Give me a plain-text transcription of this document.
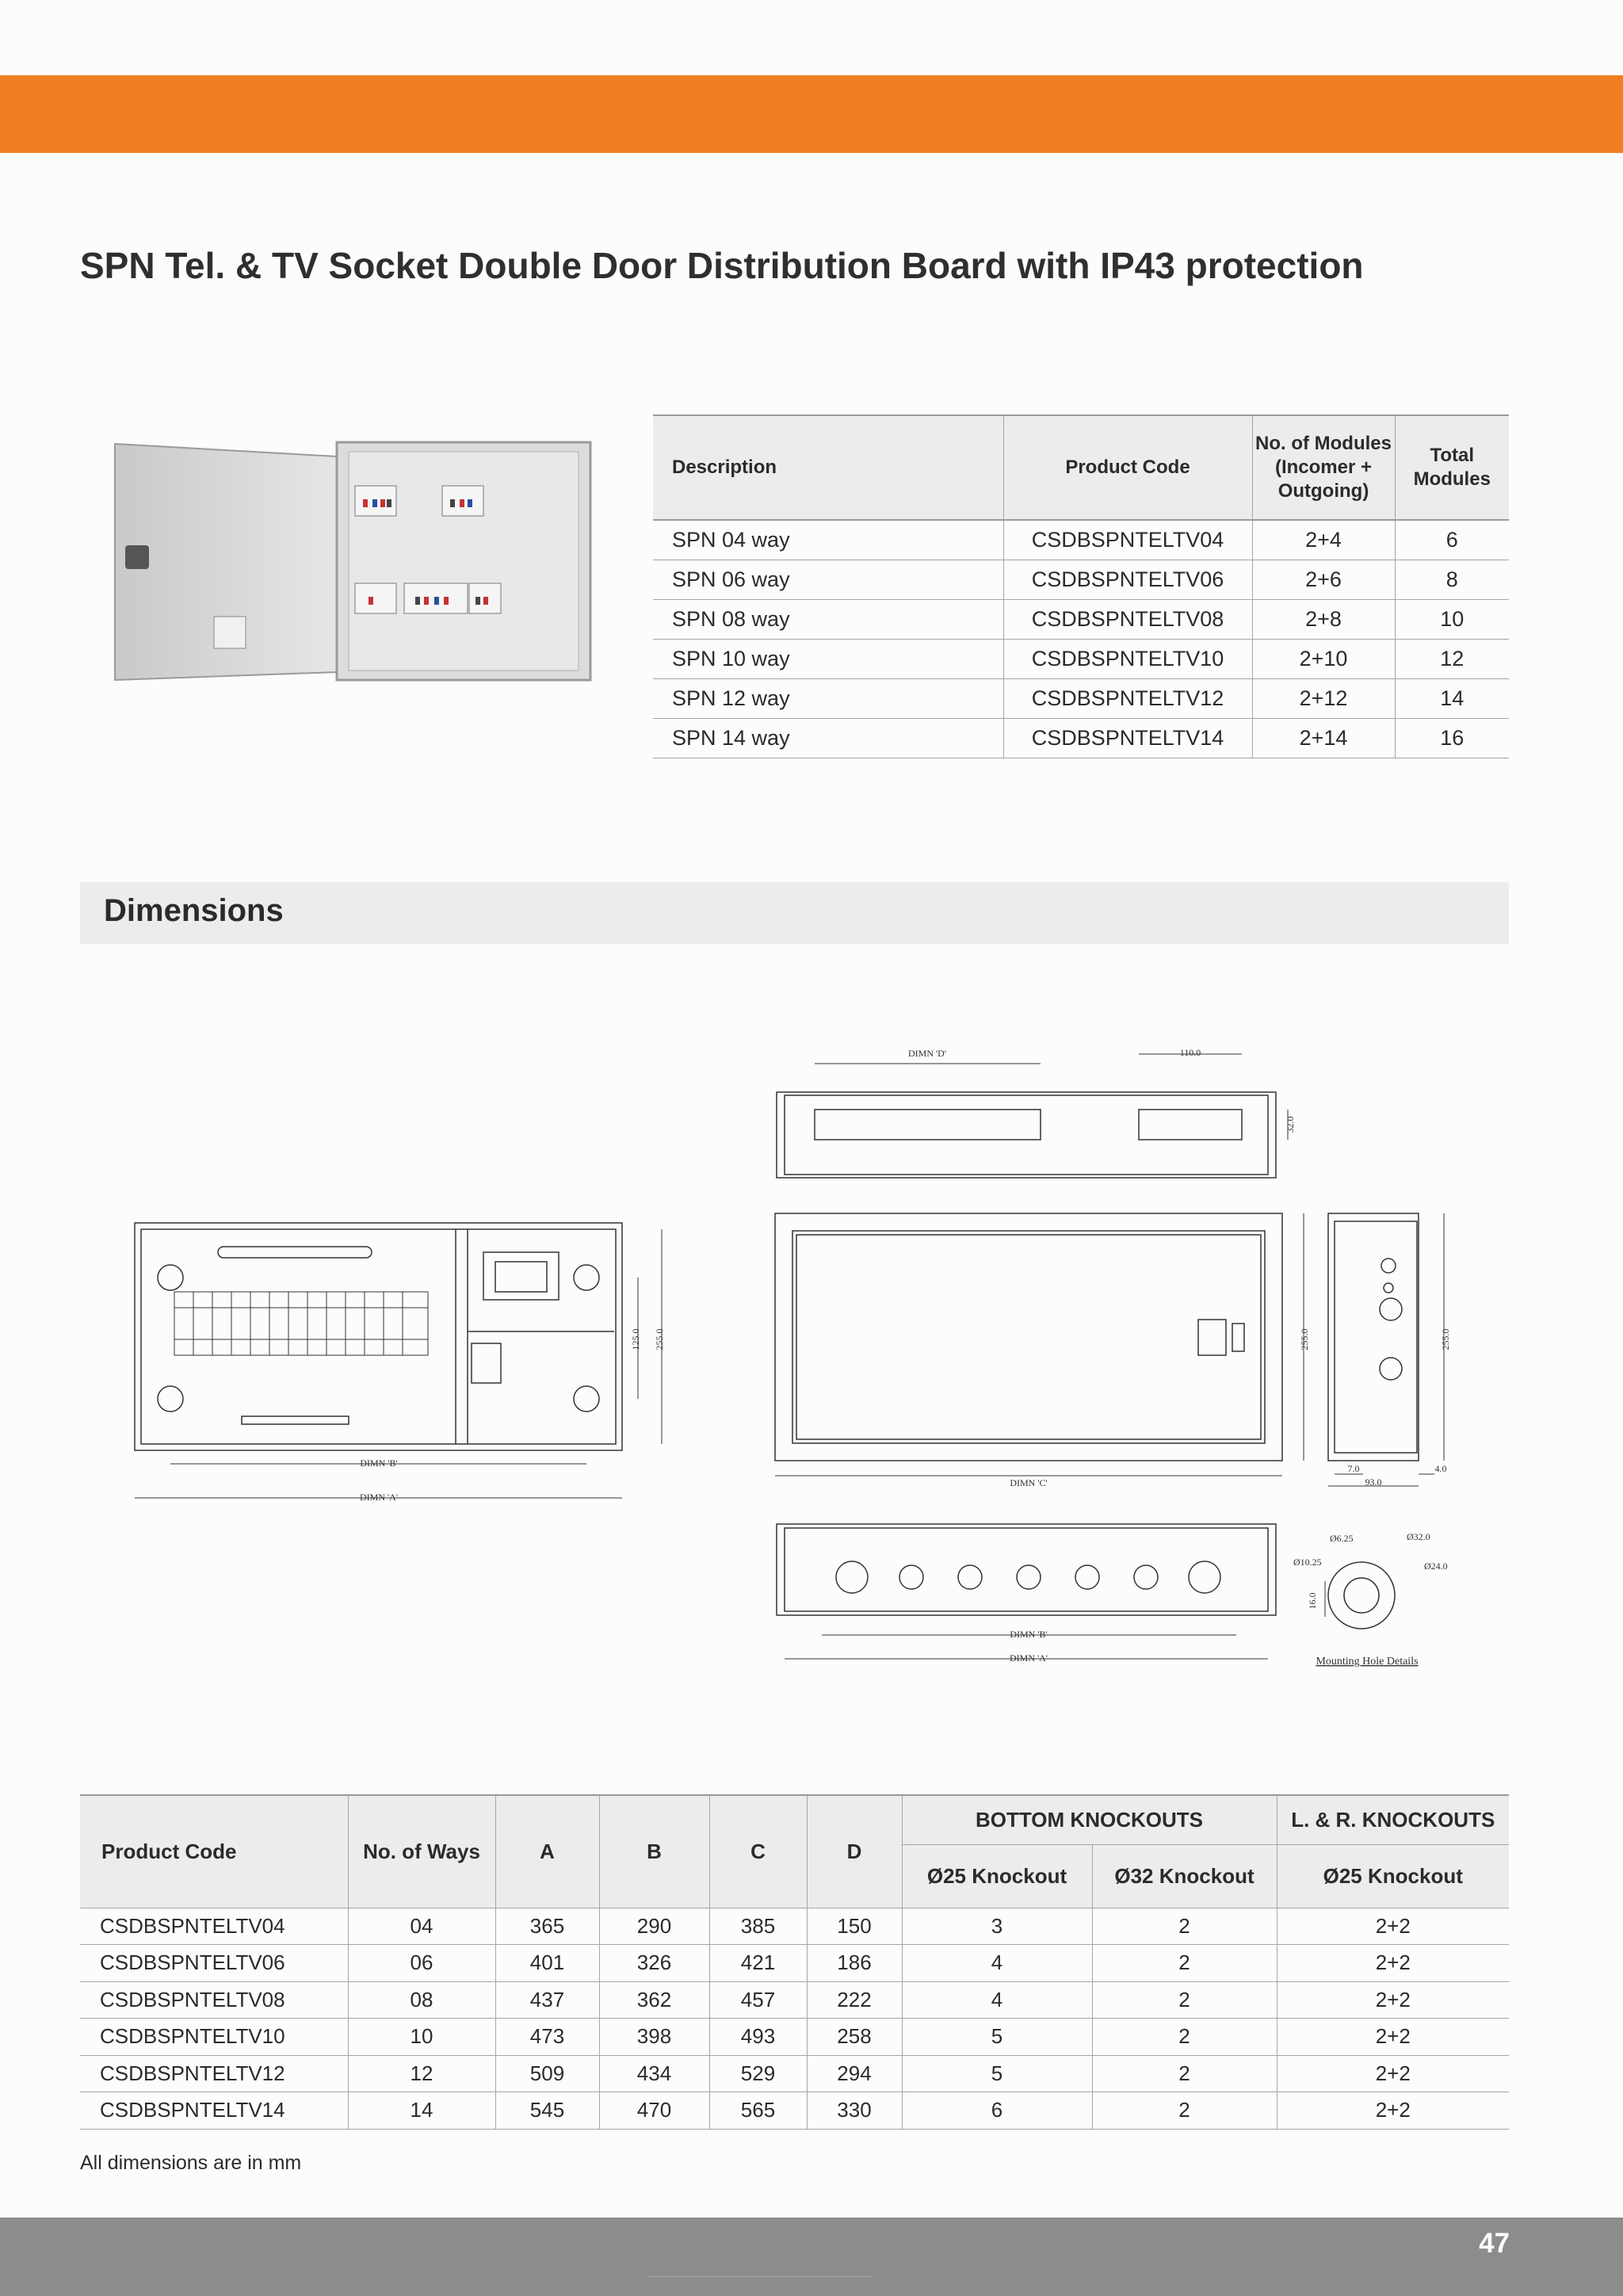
SPN Tel. & TV Socket Double Door Distribution Board with IP43 protection
Description	Product Code	No. of Modules (Incomer + Outgoing)	Total Modules
SPN 04 way	CSDBSPNTELTV04	2+4	6
SPN 06 way	CSDBSPNTELTV06	2+6	8
SPN 08 way	CSDBSPNTELTV08	2+8	10
SPN 10 way	CSDBSPNTELTV10	2+10	12
SPN 12 way	CSDBSPNTELTV12	2+12	14
SPN 14 way	CSDBSPNTELTV14	2+14	16
Dimensions
DIMN 'B'
DIMN 'A'
125.0 255.0
DIMN 'D'	110.0
32.0
DIMN 'C'
255.0	255.0
7.0	4.0
93.0
DIMN 'B'
DIMN 'A'
Ø6.25
Ø10.25
Ø32.0
Ø24.0
16.0
Mounting Hole Details
Product Code	No. of Ways	A	B	C	D	BOTTOM KNOCKOUTS		L. & R. KNOCKOUTS
						Ø25 Knockout	Ø32 Knockout	Ø25 Knockout
CSDBSPNTELTV04	04	365	290	385	150	3	2	2+2
CSDBSPNTELTV06	06	401	326	421	186	4	2	2+2
CSDBSPNTELTV08	08	437	362	457	222	4	2	2+2
CSDBSPNTELTV10	10	473	398	493	258	5	2	2+2
CSDBSPNTELTV12	12	509	434	529	294	5	2	2+2
CSDBSPNTELTV14	14	545	470	565	330	6	2	2+2

All dimensions are in mm

47
